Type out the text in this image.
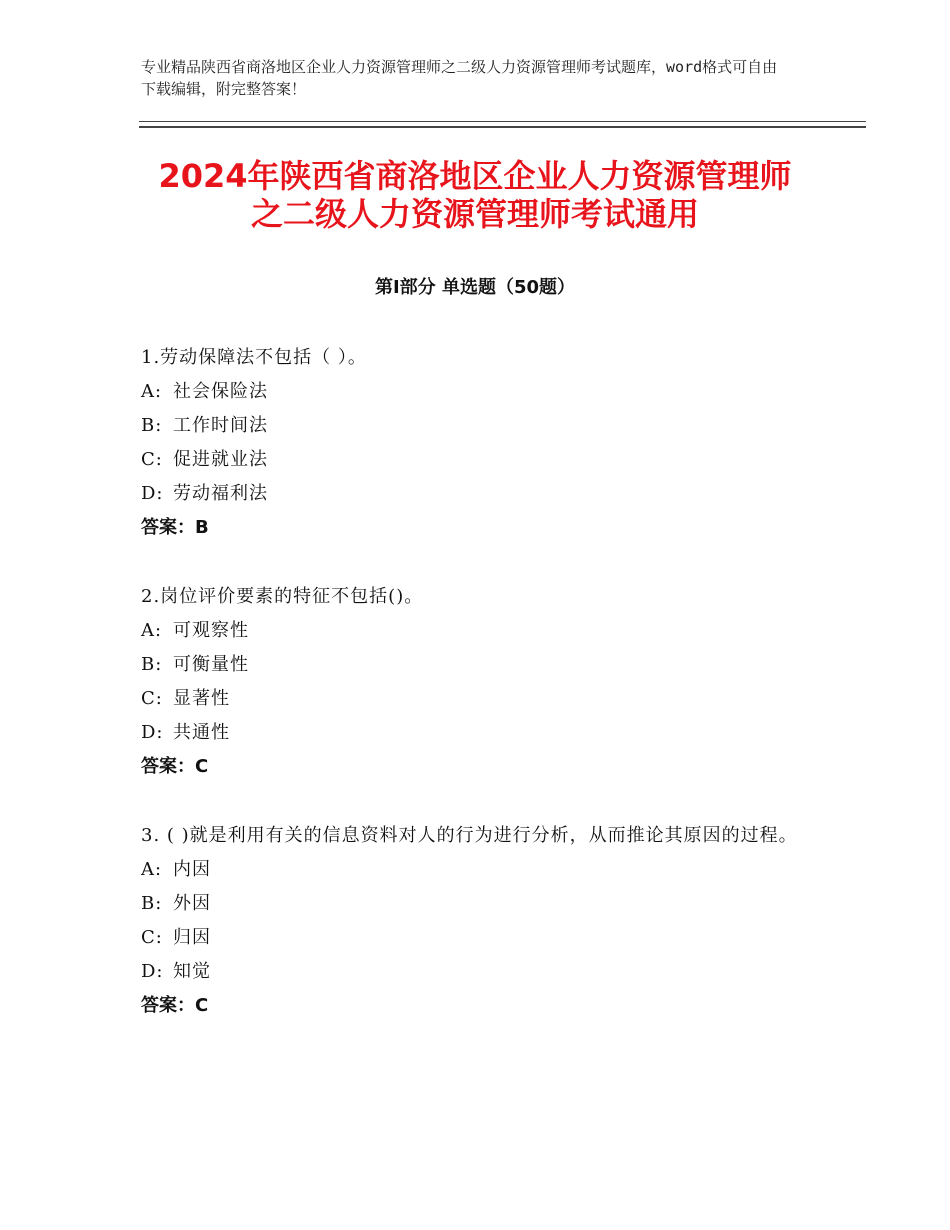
专业精品陕西省商洛地区企业人力资源管理师之二级人力资源管理师考试题库，word格式可自由下载编辑，附完整答案！
2024年陕西省商洛地区企业人力资源管理师
之二级人力资源管理师考试通用
第Ⅰ部分 单选题（50题）
1.劳动保障法不包括（ ）。
A: 社会保险法
B: 工作时间法
C: 促进就业法
D: 劳动福利法
答案：B
2.岗位评价要素的特征不包括()。
A: 可观察性
B: 可衡量性
C: 显著性
D: 共通性
答案：C
3. ( )就是利用有关的信息资料对人的行为进行分析，从而推论其原因的过程。
A: 内因
B: 外因
C: 归因
D: 知觉
答案：C
